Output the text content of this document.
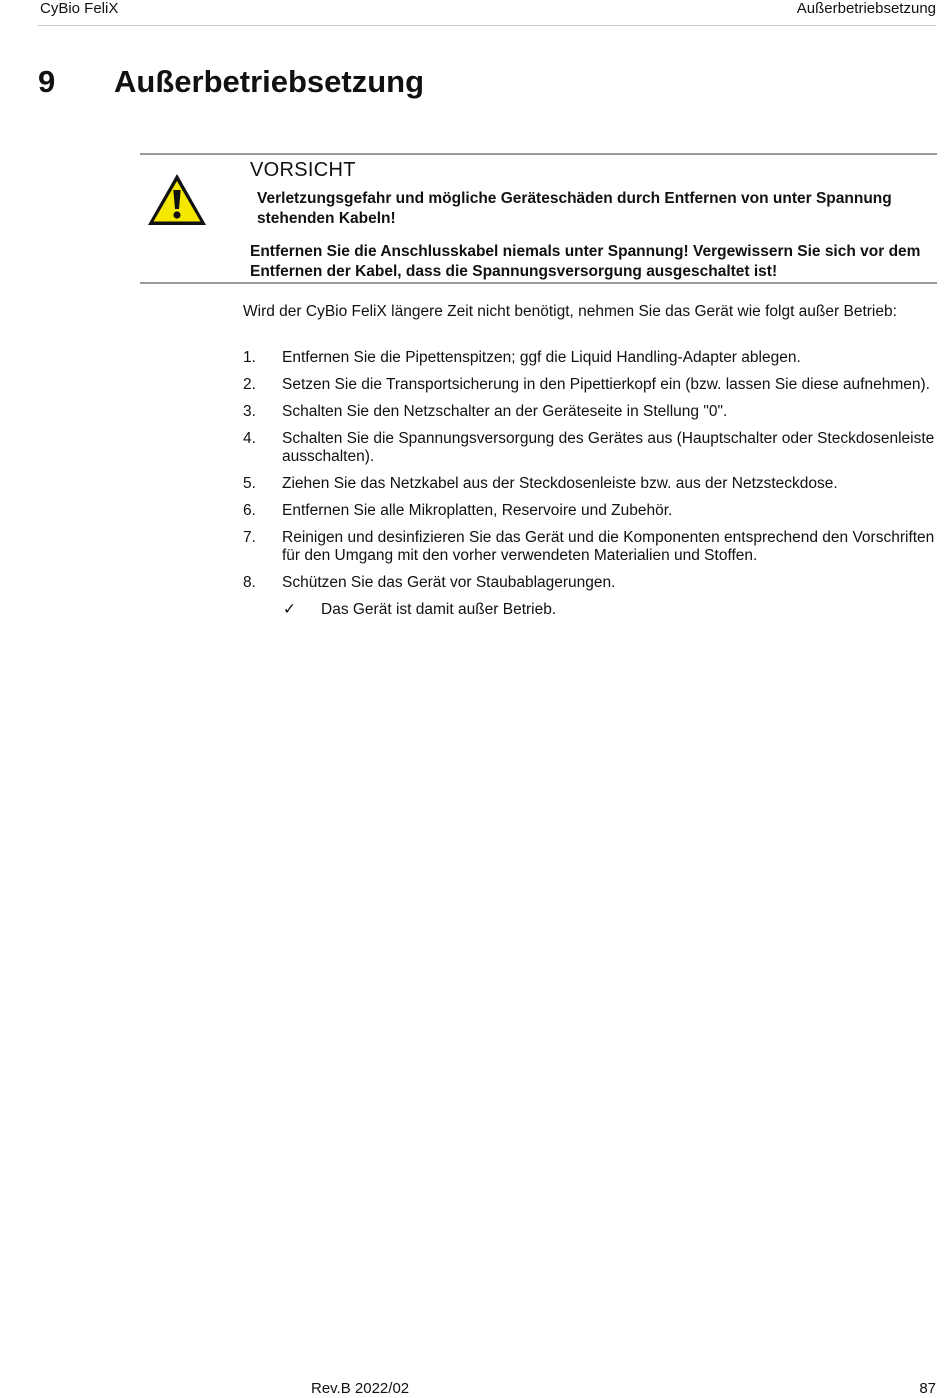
CyBio FeliX	Außerbetriebsetzung
9 Außerbetriebsetzung
VORSICHT
Verletzungsgefahr und mögliche Geräteschäden durch Entfernen von unter Spannung stehenden Kabeln!
Entfernen Sie die Anschlusskabel niemals unter Spannung! Vergewissern Sie sich vor dem Entfernen der Kabel, dass die Spannungsversorgung ausgeschaltet ist!
Wird der CyBio FeliX längere Zeit nicht benötigt, nehmen Sie das Gerät wie folgt außer Betrieb:
1. Entfernen Sie die Pipettenspitzen; ggf die Liquid Handling-Adapter ablegen.
2. Setzen Sie die Transportsicherung in den Pipettierkopf ein (bzw. lassen Sie diese aufnehmen).
3. Schalten Sie den Netzschalter an der Geräteseite in Stellung "0".
4. Schalten Sie die Spannungsversorgung des Gerätes aus (Hauptschalter oder Steckdosenleiste ausschalten).
5. Ziehen Sie das Netzkabel aus der Steckdosenleiste bzw. aus der Netzsteckdose.
6. Entfernen Sie alle Mikroplatten, Reservoire und Zubehör.
7. Reinigen und desinfizieren Sie das Gerät und die Komponenten entsprechend den Vorschriften für den Umgang mit den vorher verwendeten Materialien und Stoffen.
8. Schützen Sie das Gerät vor Staubablagerungen.
✓ Das Gerät ist damit außer Betrieb.
Rev.B 2022/02	87
